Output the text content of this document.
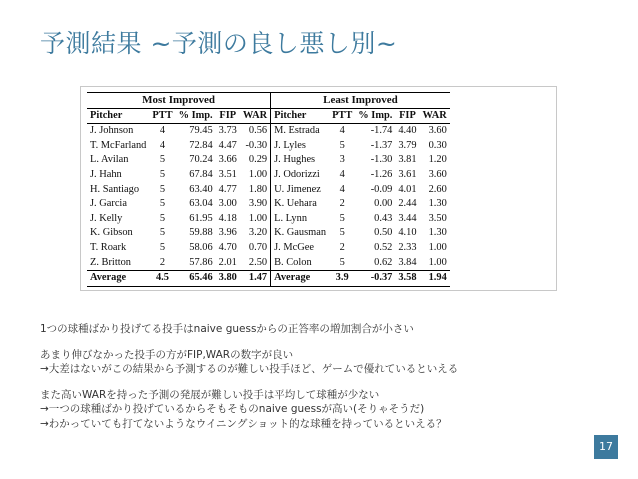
予測結果 ~予測の良し悪し別~
Most Improved					Least Improved				
Pitcher	PTT	% Imp.	FIP	WAR	Pitcher	PTT	% Imp.	FIP	WAR
J. Johnson	4	79.45	3.73	0.56	M. Estrada	4	-1.74	4.40	3.60
T. McFarland	4	72.84	4.47	-0.30	J. Lyles	5	-1.37	3.79	0.30
L. Avilan	5	70.24	3.66	0.29	J. Hughes	3	-1.30	3.81	1.20
J. Hahn	5	67.84	3.51	1.00	J. Odorizzi	4	-1.26	3.61	3.60
H. Santiago	5	63.40	4.77	1.80	U. Jimenez	4	-0.09	4.01	2.60
J. Garcia	5	63.04	3.00	3.90	K. Uehara	2	0.00	2.44	1.30
J. Kelly	5	61.95	4.18	1.00	L. Lynn	5	0.43	3.44	3.50
K. Gibson	5	59.88	3.96	3.20	K. Gausman	5	0.50	4.10	1.30
T. Roark	5	58.06	4.70	0.70	J. McGee	2	0.52	2.33	1.00
Z. Britton	2	57.86	2.01	2.50	B. Colon	5	0.62	3.84	1.00
Average	4.5	65.46	3.80	1.47	Average	3.9	-0.37	3.58	1.94

1つの球種ばかり投げてる投手はnaive guessからの正答率の増加割合が小さい

あまり伸びなかった投手の方がFIP,WARの数字が良い

→大差はないがこの結果から予測するのが難しい投手ほど、ゲームで優れているといえる

また高いWARを持った予測の発展が難しい投手は平均して球種が少ない

→一つの球種ばかり投げているからそもそものnaive guessが高い(そりゃそうだ)

→わかっていても打てないようなウイニングショット的な球種を持っているといえる？

17
